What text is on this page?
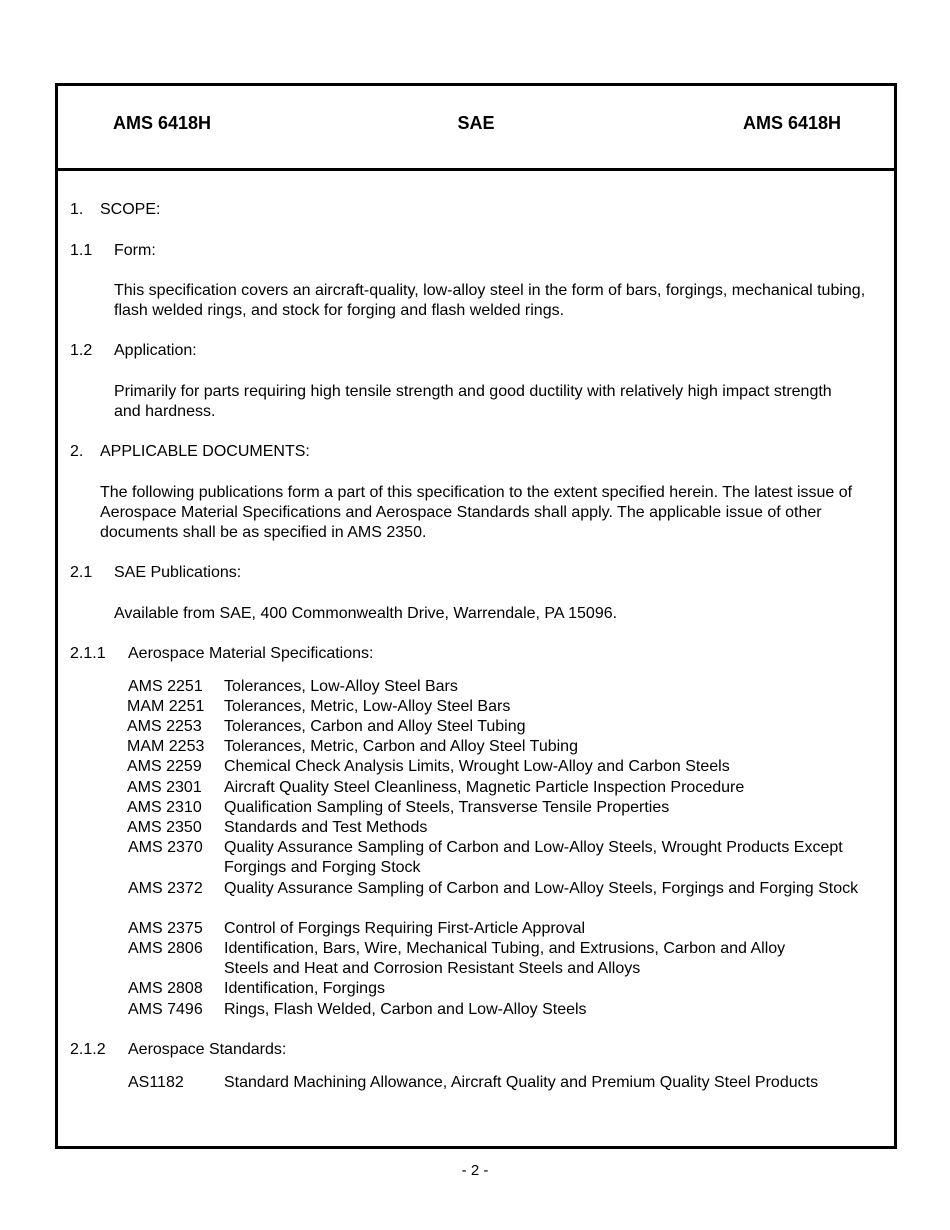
AMS 6418H	SAE	AMS 6418H
1. SCOPE:
1.1 Form:
This specification covers an aircraft-quality, low-alloy steel in the form of bars, forgings, mechanical tubing, flash welded rings, and stock for forging and flash welded rings.
1.2 Application:
Primarily for parts requiring high tensile strength and good ductility with relatively high impact strength and hardness.
2. APPLICABLE DOCUMENTS:
The following publications form a part of this specification to the extent specified herein. The latest issue of Aerospace Material Specifications and Aerospace Standards shall apply. The applicable issue of other documents shall be as specified in AMS 2350.
2.1 SAE Publications:
Available from SAE, 400 Commonwealth Drive, Warrendale, PA 15096.
2.1.1 Aerospace Material Specifications:
AMS 2251	Tolerances, Low-Alloy Steel Bars
MAM 2251 Tolerances, Metric, Low-Alloy Steel Bars
AMS 2253	Tolerances, Carbon and Alloy Steel Tubing
MAM 2253 Tolerances, Metric, Carbon and Alloy Steel Tubing
AMS 2259	Chemical Check Analysis Limits, Wrought Low-Alloy and Carbon Steels
AMS 2301	Aircraft Quality Steel Cleanliness, Magnetic Particle Inspection Procedure
AMS 2310	Qualification Sampling of Steels, Transverse Tensile Properties
AMS 2350	Standards and Test Methods
AMS 2370	Quality Assurance Sampling of Carbon and Low-Alloy Steels, Wrought Products Except Forgings and Forging Stock
AMS 2372	Quality Assurance Sampling of Carbon and Low-Alloy Steels, Forgings and Forging Stock
AMS 2375	Control of Forgings Requiring First-Article Approval
AMS 2806	Identification, Bars, Wire, Mechanical Tubing, and Extrusions, Carbon and Alloy Steels and Heat and Corrosion Resistant Steels and Alloys
AMS 2808	Identification, Forgings
AMS 7496	Rings, Flash Welded, Carbon and Low-Alloy Steels
2.1.2 Aerospace Standards:
AS1182	Standard Machining Allowance, Aircraft Quality and Premium Quality Steel Products
- 2 -
